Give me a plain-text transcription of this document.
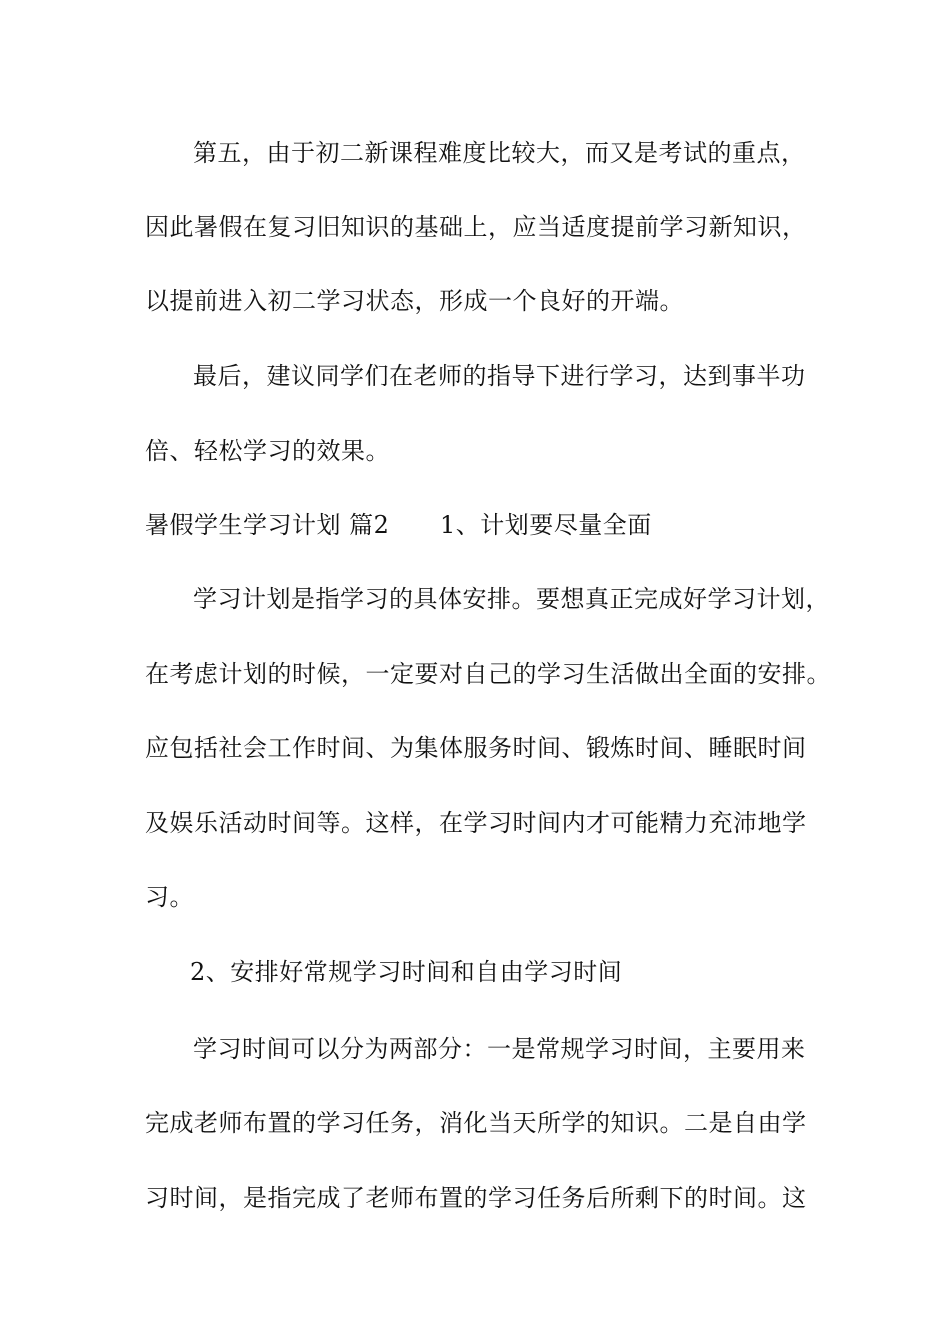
第五，由于初二新课程难度比较大，而又是考试的重点，
因此暑假在复习旧知识的基础上，应当适度提前学习新知识，
以提前进入初二学习状态，形成一个良好的开端。
最后，建议同学们在老师的指导下进行学习，达到事半功
倍、轻松学习的效果。
暑假学生学习计划 篇2 1、计划要尽量全面
学习计划是指学习的具体安排。要想真正完成好学习计划，
在考虑计划的时候，一定要对自己的学习生活做出全面的安排。
应包括社会工作时间、为集体服务时间、锻炼时间、睡眠时间
及娱乐活动时间等。这样，在学习时间内才可能精力充沛地学
习。
2、安排好常规学习时间和自由学习时间
学习时间可以分为两部分：一是常规学习时间，主要用来
完成老师布置的学习任务，消化当天所学的知识。二是自由学
习时间，是指完成了老师布置的学习任务后所剩下的时间。这
